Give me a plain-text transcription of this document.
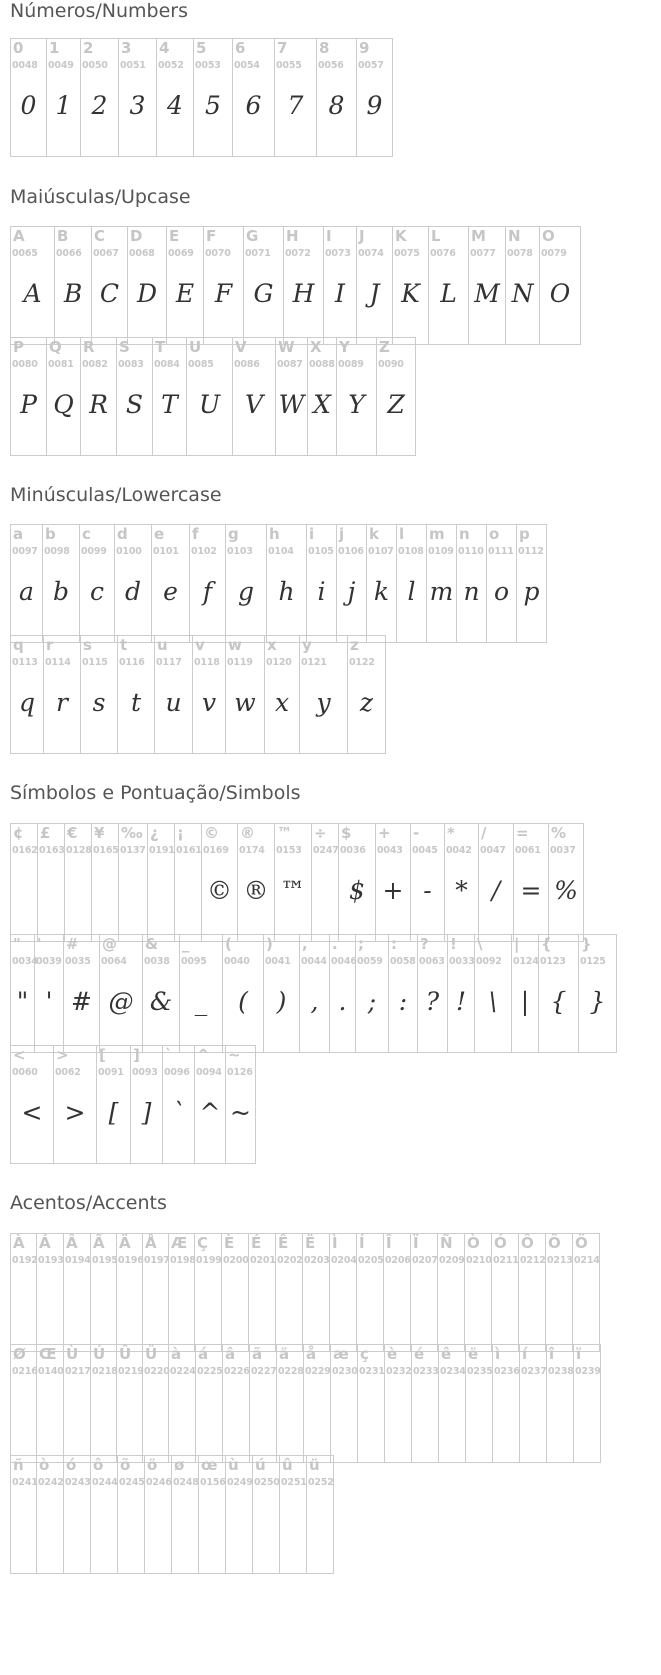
Números/Numbers
0
0048
0
1
0049
1
2
0050
2
3
0051
3
4
0052
4
5
0053
5
6
0054
6
7
0055
7
8
0056
8
9
0057
9
Maiúsculas/Upcase
A
0065
A
B
0066
B
C
0067
C
D
0068
D
E
0069
E
F
0070
F
G
0071
G
H
0072
H
I
0073
I
J
0074
J
K
0075
K
L
0076
L
M
0077
M
N
0078
N
O
0079
O
P
0080
P
Q
0081
Q
R
0082
R
S
0083
S
T
0084
T
U
0085
U
V
0086
V
W
0087
W
X
0088
X
Y
0089
Y
Z
0090
Z
Minúsculas/Lowercase
a
0097
a
b
0098
b
c
0099
c
d
0100
d
e
0101
e
f
0102
f
g
0103
g
h
0104
h
i
0105
i
j
0106
j
k
0107
k
l
0108
l
m
0109
m
n
0110
n
o
0111
o
p
0112
p
q
0113
q
r
0114
r
s
0115
s
t
0116
t
u
0117
u
v
0118
v
w
0119
w
x
0120
x
y
0121
y
z
0122
z
Símbolos e Pontuação/Simbols
¢
0162
£
0163
€
0128
¥
0165
‰
0137
¿
0191
¡
0161
©
0169
©
®
0174
®
™
0153
™
÷
0247
$
0036
$
+
0043
+
-
0045
-
*
0042
*
/
0047
/
=
0061
=
%
0037
%
"
0034
"
'
0039
'
#
0035
#
@
0064
@
&
0038
&
_
0095
_
(
0040
(
)
0041
)
,
0044
,
.
0046
.
;
0059
;
:
0058
:
?
0063
?
!
0033
!
\
0092
\
|
0124
|
{
0123
{
}
0125
}
<
0060
<
>
0062
>
[
0091
[
]
0093
]
`
0096
`
^
0094
^
~
0126
~
Acentos/Accents
À
0192
Á
0193
Â
0194
Ã
0195
Ä
0196
Å
0197
Æ
0198
Ç
0199
È
0200
É
0201
Ê
0202
Ë
0203
Ì
0204
Í
0205
Î
0206
Ï
0207
Ñ
0209
Ò
0210
Ó
0211
Ô
0212
Õ
0213
Ö
0214
Ø
0216
Œ
0140
Ù
0217
Ú
0218
Û
0219
Ü
0220
à
0224
á
0225
â
0226
ã
0227
ä
0228
å
0229
æ
0230
ç
0231
è
0232
é
0233
ê
0234
ë
0235
ì
0236
í
0237
î
0238
ï
0239
ñ
0241
ò
0242
ó
0243
ô
0244
õ
0245
ö
0246
ø
0248
œ
0156
ù
0249
ú
0250
û
0251
ü
0252
